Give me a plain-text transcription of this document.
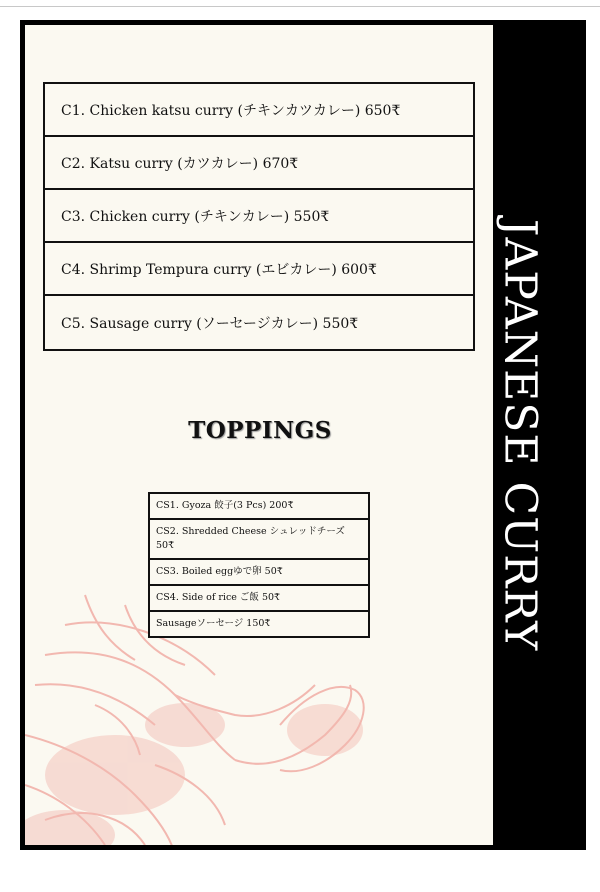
JAPANESE CURRY
C1. Chicken katsu curry (チキンカツカレー) 650₹
C2. Katsu curry (カツカレー) 670₹
C3. Chicken curry (チキンカレー) 550₹
C4. Shrimp Tempura curry (エビカレー) 600₹
C5. Sausage curry (ソーセージカレー) 550₹
TOPPINGS
CS1. Gyoza 餃子(3 Pcs) 200₹
CS2. Shredded Cheese シュレッドチーズ 50₹
CS3. Boiled eggゆで卵 50₹
CS4. Side of rice ご飯 50₹
Sausageソーセージ 150₹
